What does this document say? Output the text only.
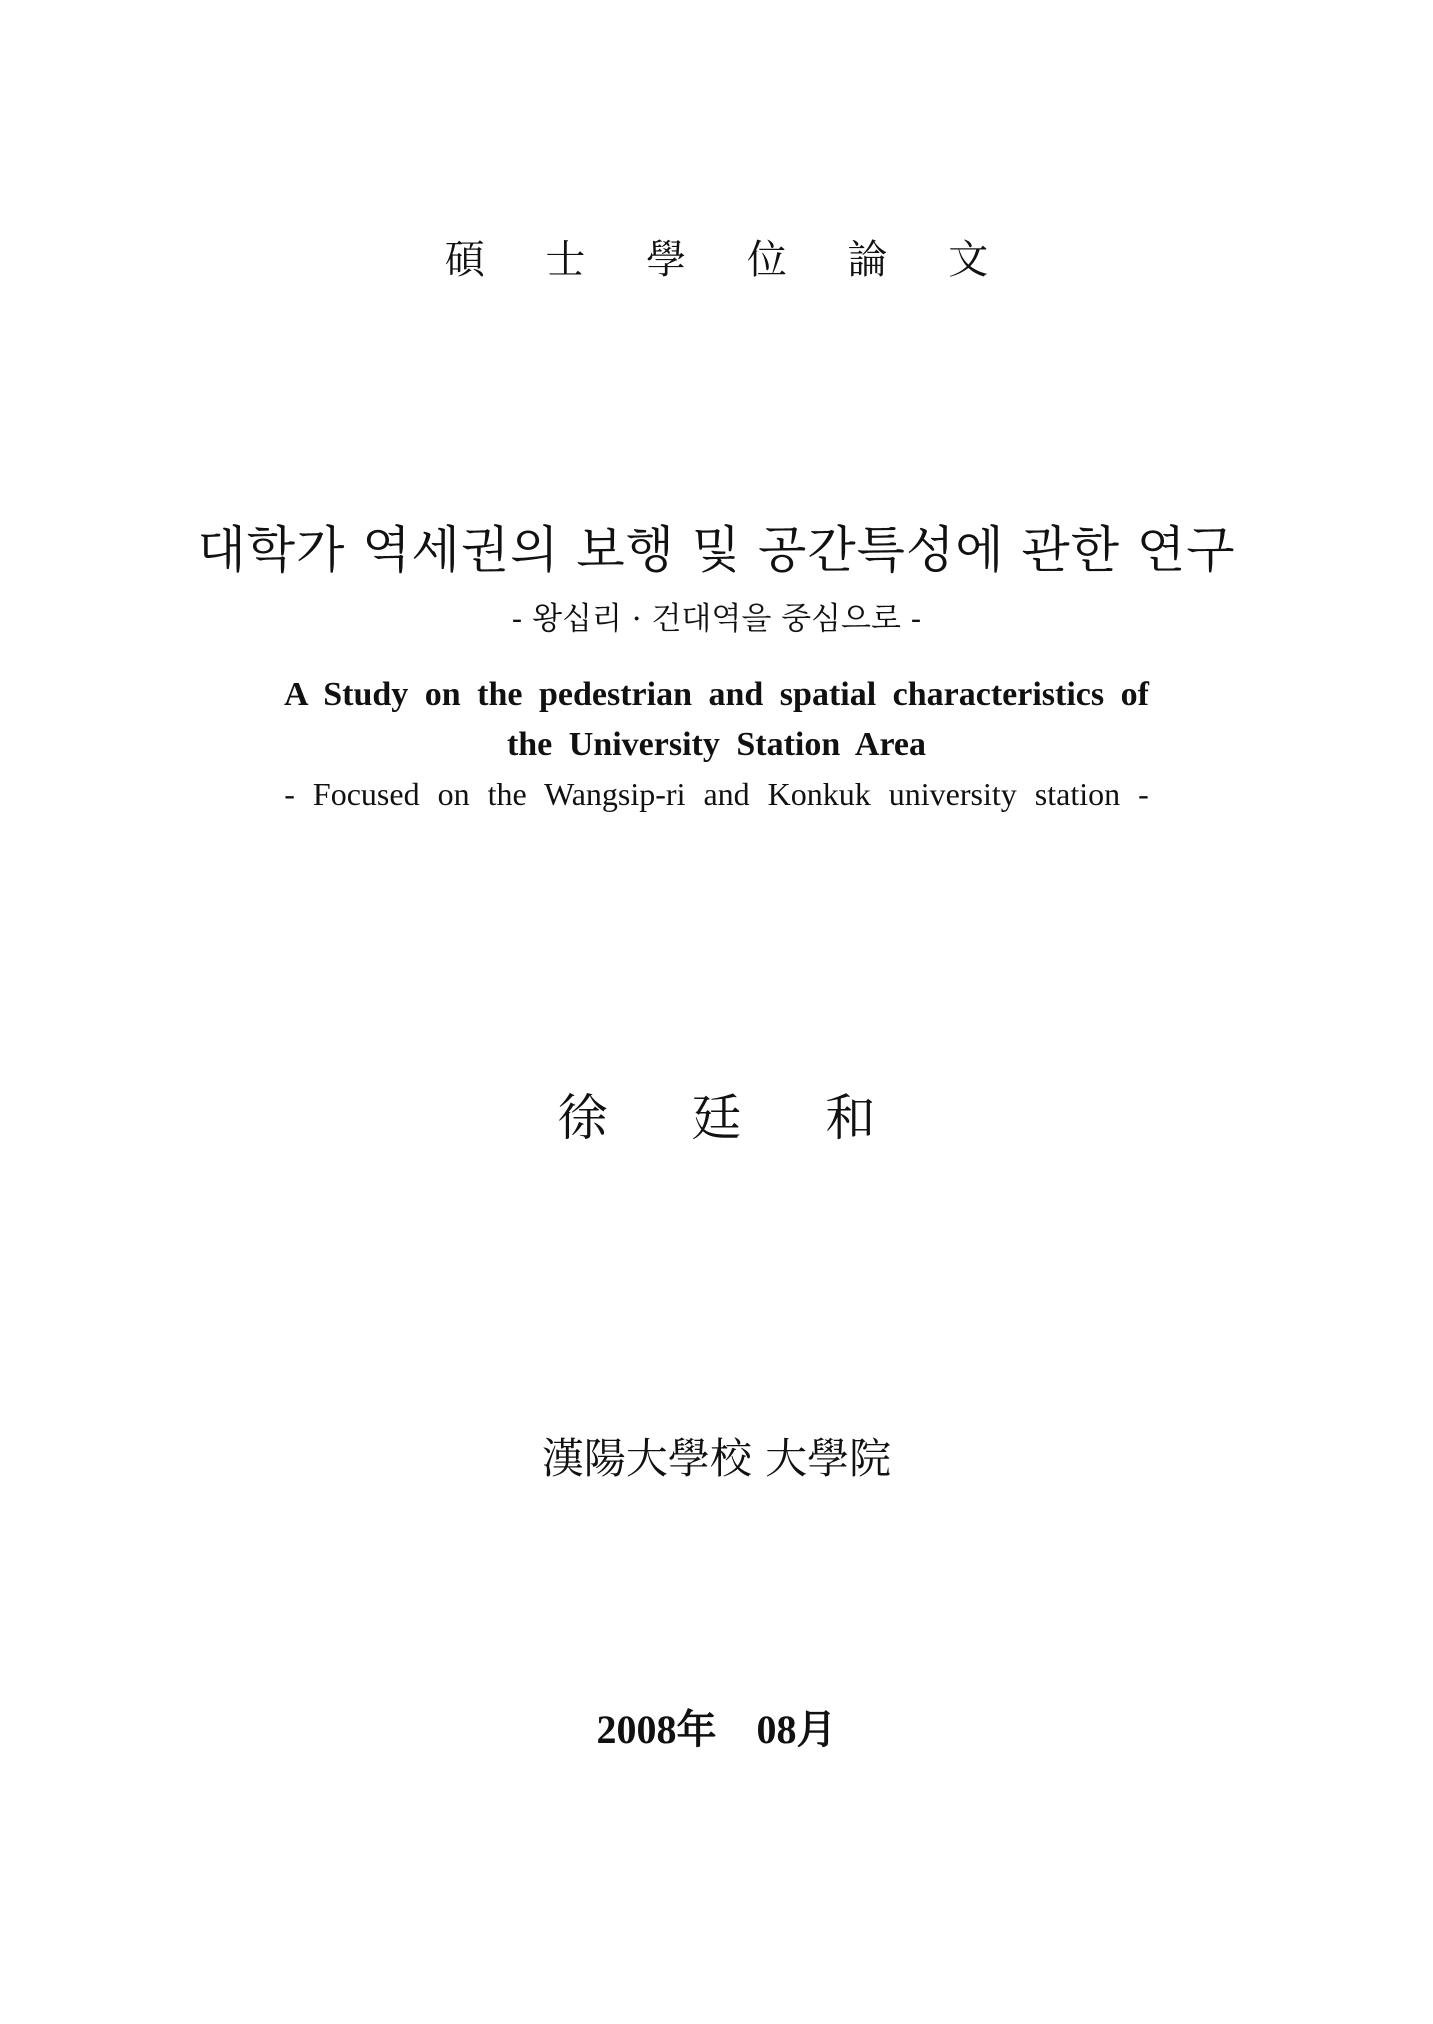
碩 士 學 位 論 文
대학가 역세권의 보행 및 공간특성에 관한 연구
- 왕십리 · 건대역을 중심으로 -
A Study on the pedestrian and spatial characteristics of
the University Station Area
- Focused on the Wangsip-ri and Konkuk university station -
徐 廷 和
漢陽大學校 大學院
2008年 08月
